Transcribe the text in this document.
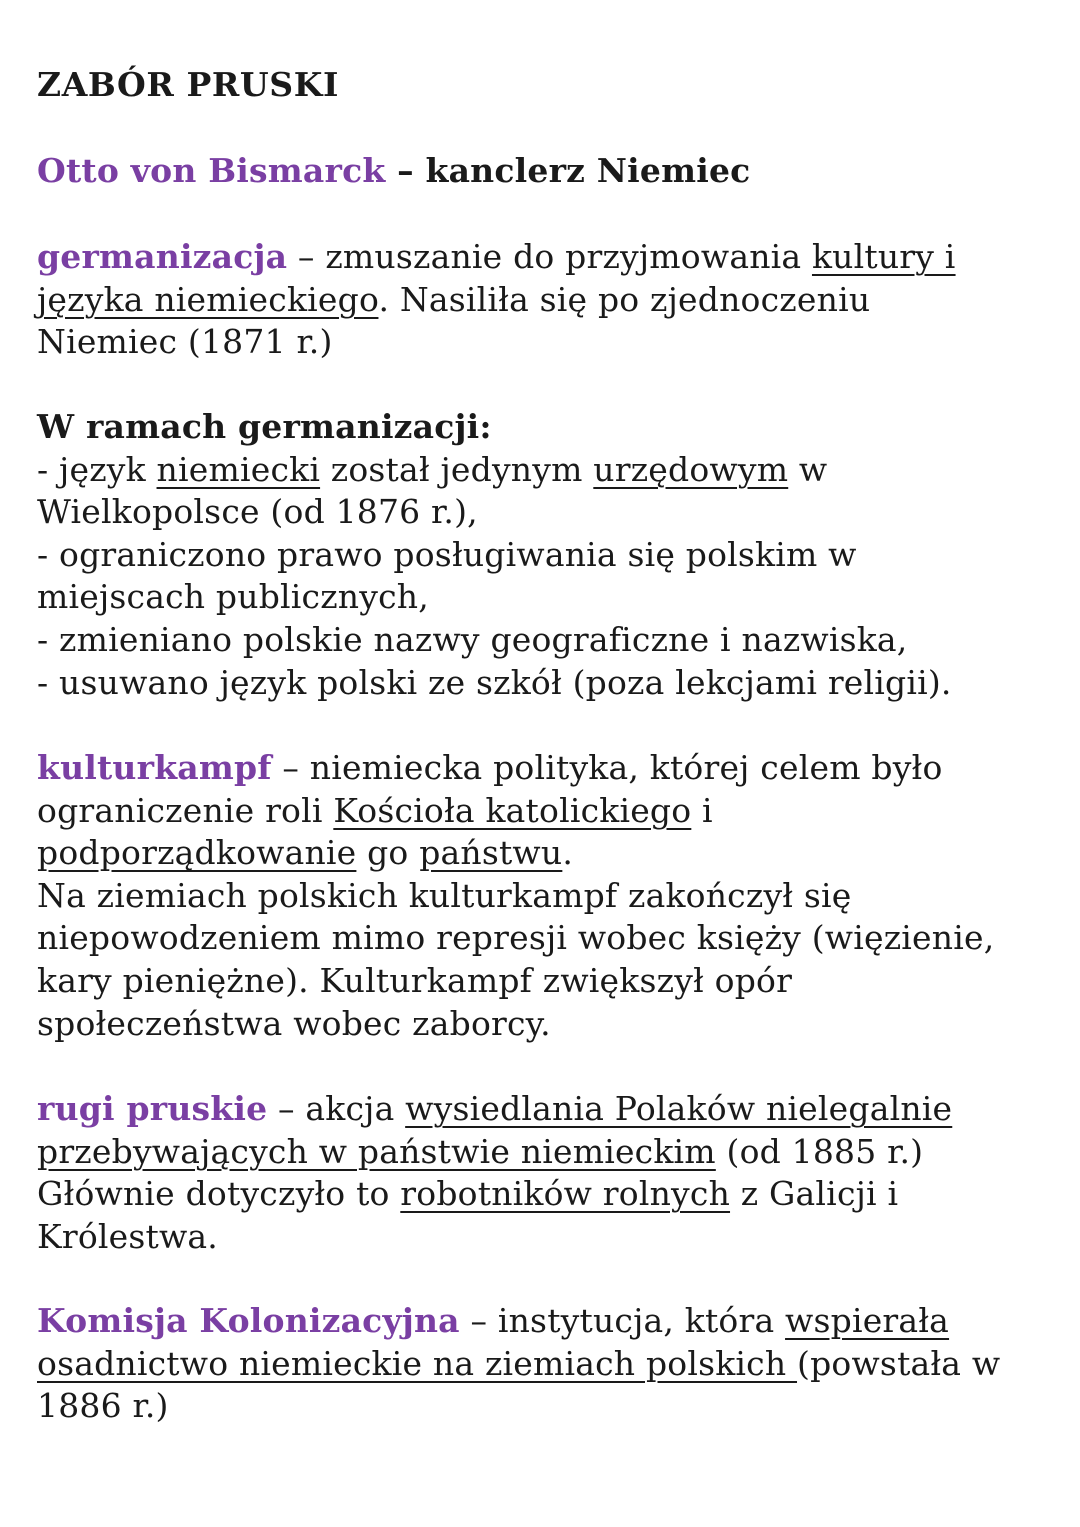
ZABÓR PRUSKI
Otto von Bismarck – kanclerz Niemiec
germanizacja – zmuszanie do przyjmowania kultury i
języka niemieckiego. Nasiliła się po zjednoczeniu
Niemiec (1871 r.)
W ramach germanizacji:
- język niemiecki został jedynym urzędowym w
Wielkopolsce (od 1876 r.),
- ograniczono prawo posługiwania się polskim w
miejscach publicznych,
- zmieniano polskie nazwy geograficzne i nazwiska,
- usuwano język polski ze szkół (poza lekcjami religii).
kulturkampf – niemiecka polityka, której celem było
ograniczenie roli Kościoła katolickiego i
podporządkowanie go państwu.
Na ziemiach polskich kulturkampf zakończył się
niepowodzeniem mimo represji wobec księży (więzienie,
kary pieniężne). Kulturkampf zwiększył opór
społeczeństwa wobec zaborcy.
rugi pruskie – akcja wysiedlania Polaków nielegalnie
przebywających w państwie niemieckim (od 1885 r.)
Głównie dotyczyło to robotników rolnych z Galicji i
Królestwa.
Komisja Kolonizacyjna – instytucja, która wspierała
osadnictwo niemieckie na ziemiach polskich (powstała w
1886 r.)
